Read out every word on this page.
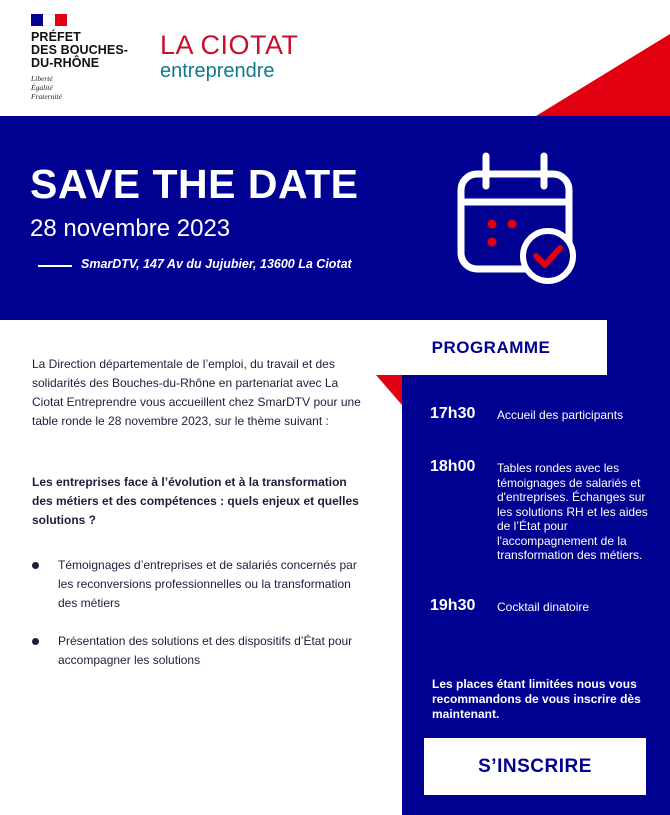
PRÉFET
DES BOUCHES-
DU-RHÔNE
Liberté
Égalité
Fraternité
LA CIOTAT
entreprendre
SAVE THE DATE
28 novembre 2023
SmarDTV, 147 Av du Jujubier, 13600 La Ciotat
La Direction départementale de l’emploi, du travail et des solidarités des Bouches-du-Rhône en partenariat avec La Ciotat Entreprendre vous accueillent chez SmarDTV pour une table ronde le 28 novembre 2023, sur le thème suivant :
Les entreprises face à l’évolution et à la transformation des métiers et des compétences : quels enjeux et quelles solutions ?
Témoignages d’entreprises et de salariés concernés par les reconversions professionnelles ou la transformation des métiers
Présentation des solutions et des dispositifs d’État pour accompagner les solutions
PROGRAMME
17h30 Accueil des participants
18h00 Tables rondes avec les témoignages de salariés et d'entreprises. Échanges sur les solutions RH et les aides de l’État pour l'accompagnement de la transformation des métiers.
19h30 Cocktail dinatoire
Les places étant limitées nous vous recommandons de vous inscrire dès maintenant.
S’INSCRIRE
